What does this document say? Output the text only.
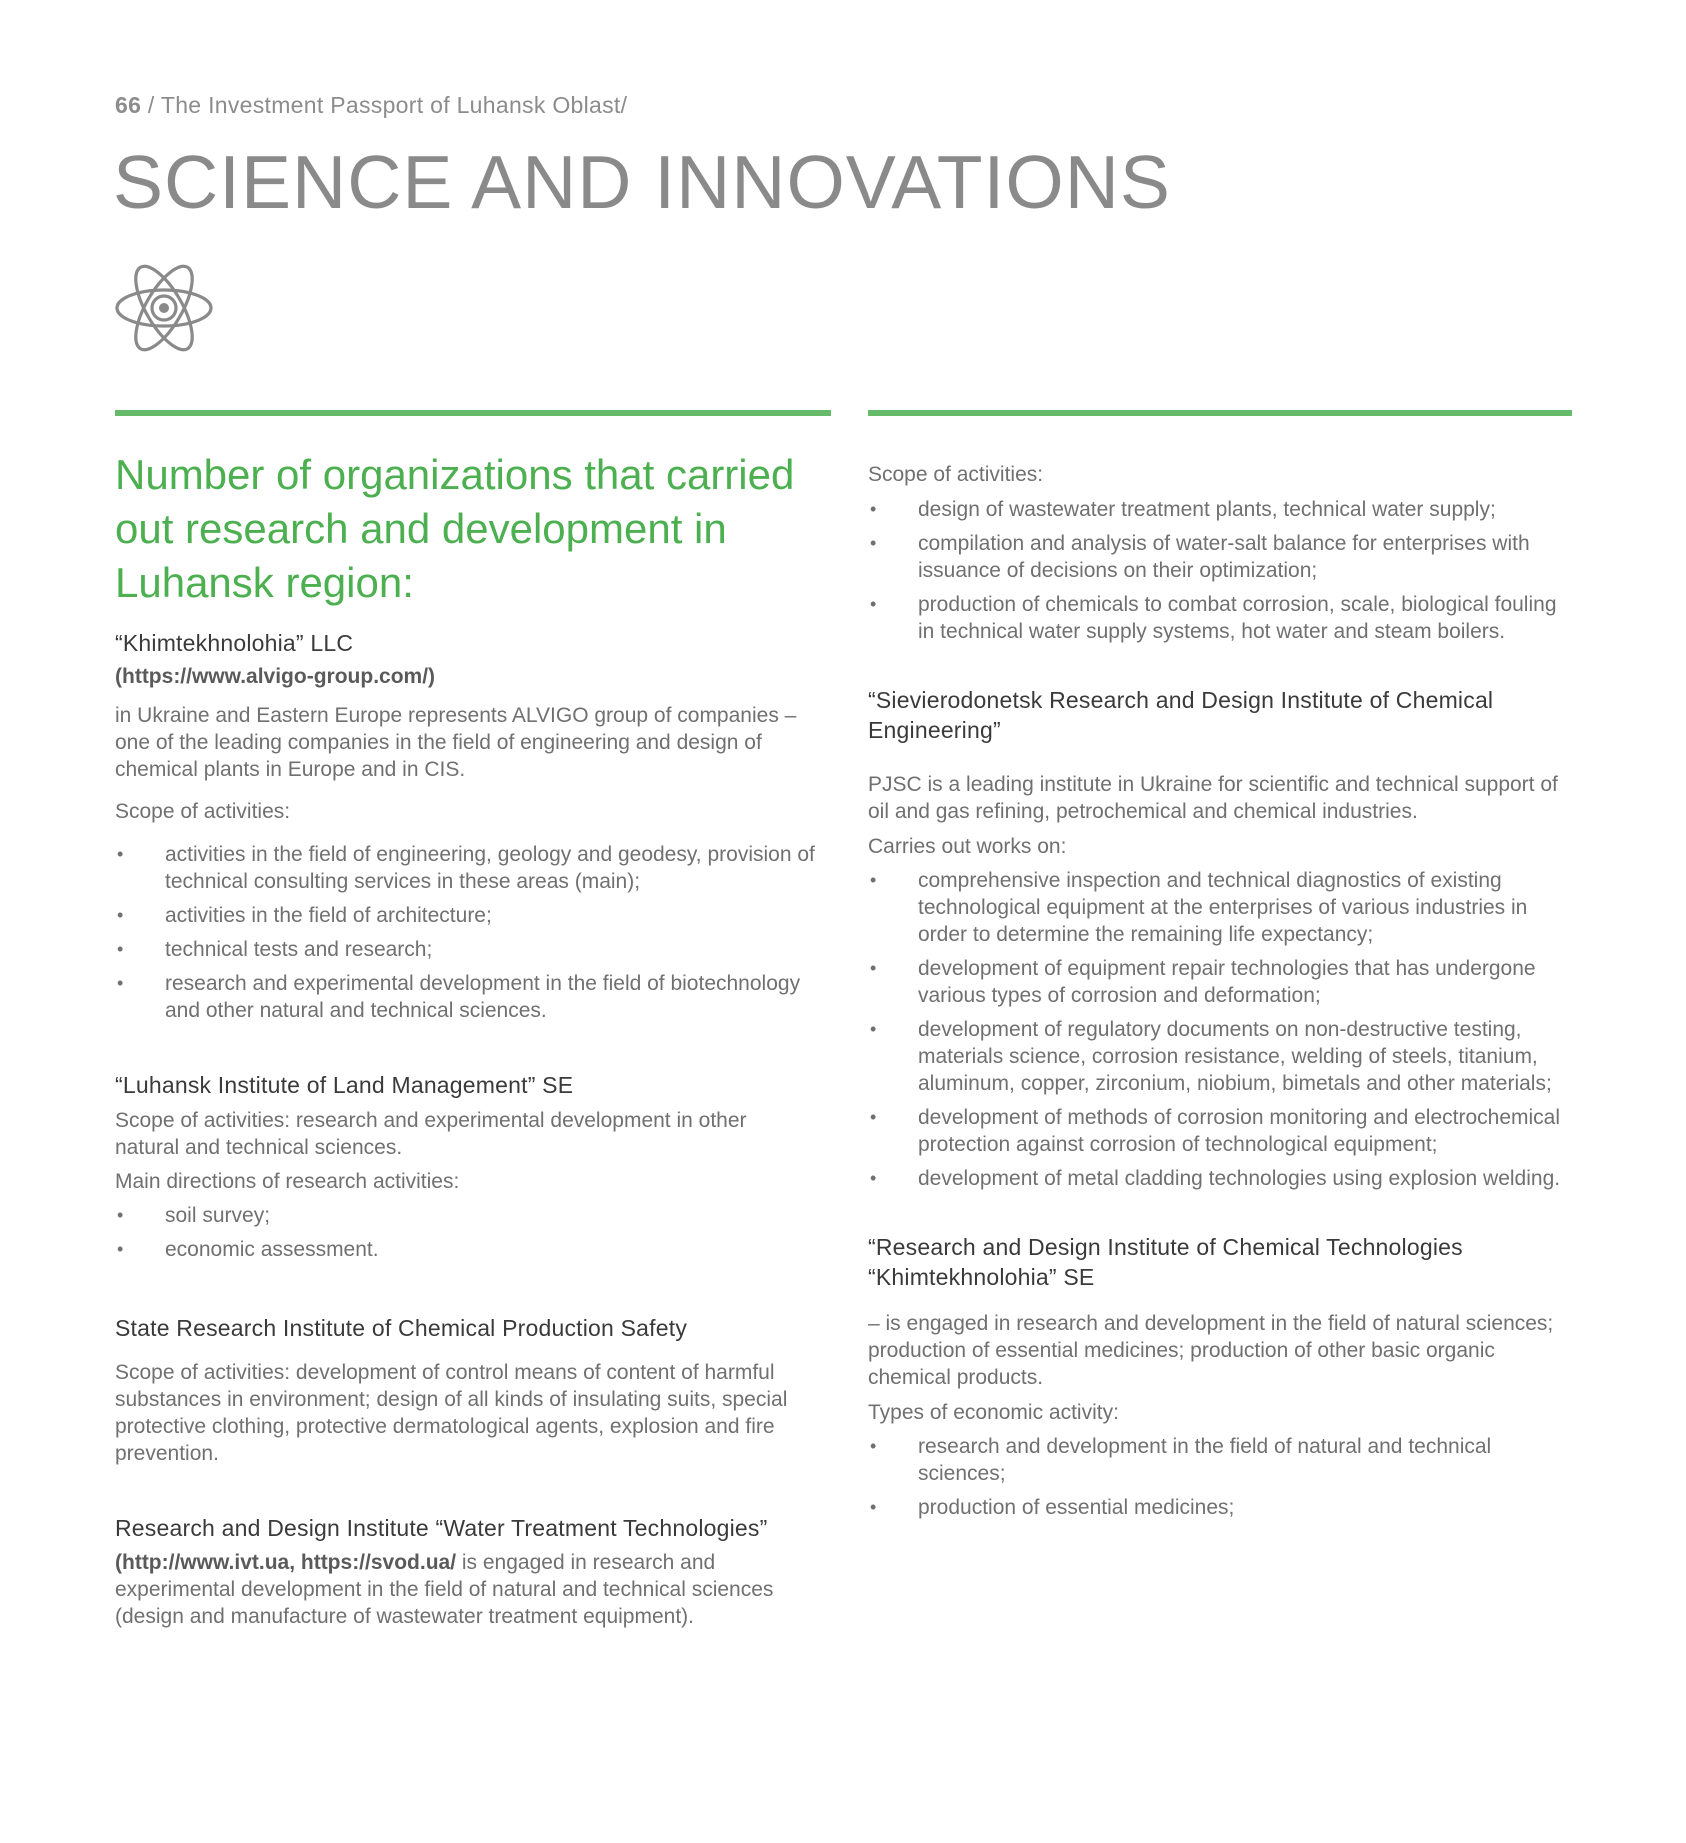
66 / The Investment Passport of Luhansk Oblast/
SCIENCE AND INNOVATIONS
Number of organizations that carried out research and development in Luhansk region:
“Khimtekhnolohia” LLC
(https://www.alvigo-group.com/)

in Ukraine and Eastern Europe represents ALVIGO group of companies – one of the leading companies in the field of engineering and design of chemical plants in Europe and in CIS.

Scope of activities:

• activities in the field of engineering, geology and geodesy, provision of technical consulting services in these areas (main);
• activities in the field of architecture;
• technical tests and research;
• research and experimental development in the field of biotechnology and other natural and technical sciences.
“Luhansk Institute of Land Management” SE

Scope of activities: research and experimental development in other natural and technical sciences.

Main directions of research activities:

• soil survey;
• economic assessment.
State Research Institute of Chemical Production Safety

Scope of activities: development of control means of content of harmful substances in environment; design of all kinds of insulating suits, special protective clothing, protective dermatological agents, explosion and fire prevention.

Research and Design Institute “Water Treatment Technologies”

(http://www.ivt.ua, https://svod.ua/ is engaged in research and experimental development in the field of natural and technical sciences (design and manufacture of wastewater treatment equipment).

Scope of activities:

• design of wastewater treatment plants, technical water supply;
• compilation and analysis of water-salt balance for enterprises with issuance of decisions on their optimization;
• production of chemicals to combat corrosion, scale, biological fouling in technical water supply systems, hot water and steam boilers.
“Sievierodonetsk Research and Design Institute of Chemical Engineering”

PJSC is a leading institute in Ukraine for scientific and technical support of oil and gas refining, petrochemical and chemical industries.

Carries out works on:

• comprehensive inspection and technical diagnostics of existing technological equipment at the enterprises of various industries in order to determine the remaining life expectancy;
• development of equipment repair technologies that has undergone various types of corrosion and deformation;
• development of regulatory documents on non-destructive testing, materials science, corrosion resistance, welding of steels, titanium, aluminum, copper, zirconium, niobium, bimetals and other materials;
• development of methods of corrosion monitoring and electrochemical protection against corrosion of technological equipment;
• development of metal cladding technologies using explosion welding.
“Research and Design Institute of Chemical Technologies “Khimtekhnolohia” SE

– is engaged in research and development in the field of natural sciences; production of essential medicines; production of other basic organic chemical products.

Types of economic activity:

• research and development in the field of natural and technical sciences;
• production of essential medicines;
